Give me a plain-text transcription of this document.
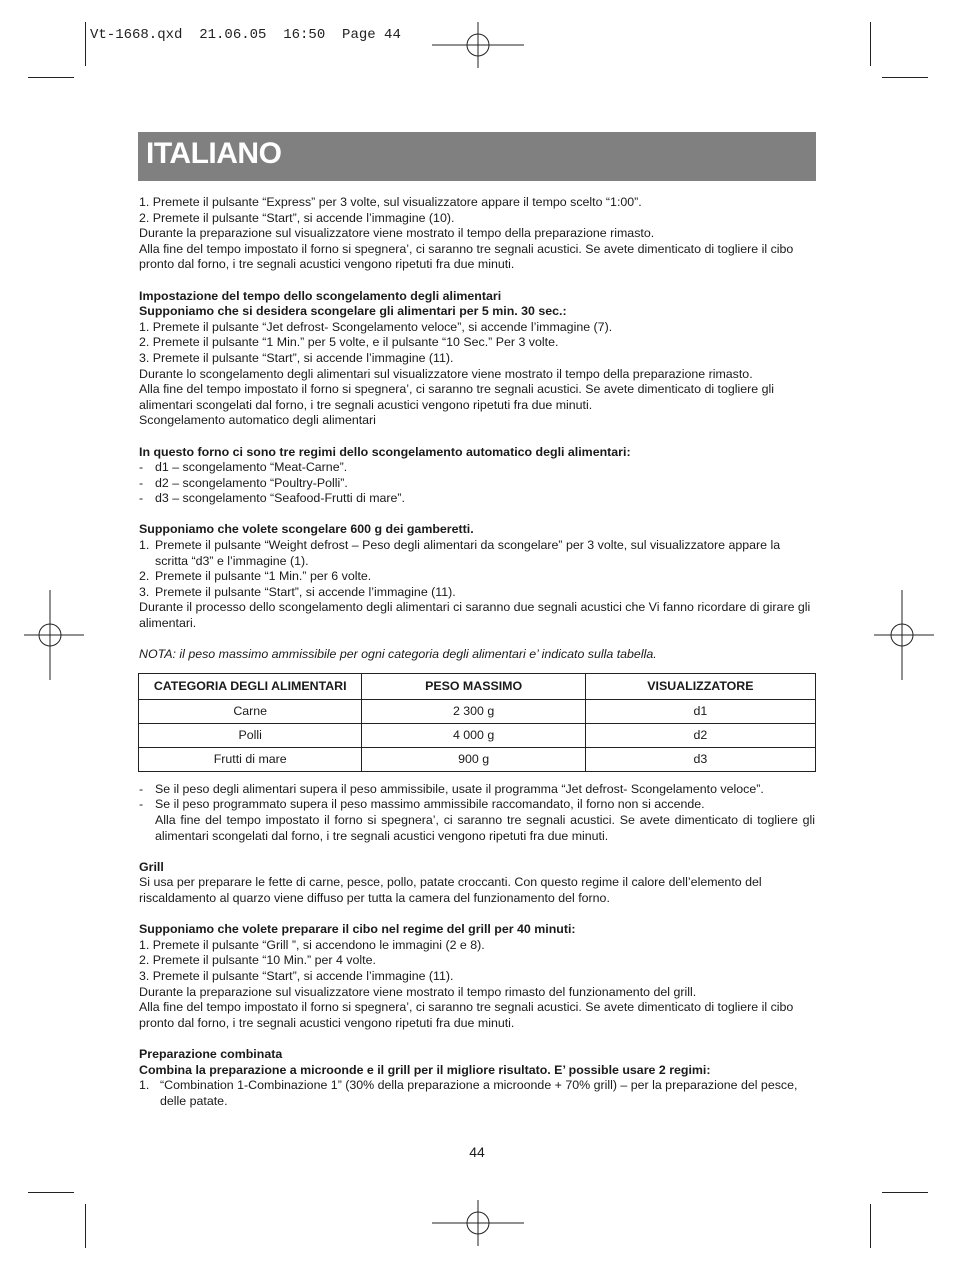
Vt-1668.qxd  21.06.05  16:50  Page 44
ITALIANO

1. Premete il pulsante “Express” per 3 volte, sul visualizzatore appare il tempo scelto “1:00”.

2. Premete il pulsante “Start”, si accende l’immagine (10).

Durante la preparazione sul visualizzatore viene mostrato il tempo della preparazione rimasto.

Alla fine del tempo impostato il forno si spegnera’, ci saranno tre segnali acustici. Se avete dimenticato di togliere il cibo pronto dal forno, i tre segnali acustici vengono ripetuti fra due minuti.

Impostazione del tempo dello scongelamento degli alimentari

Supponiamo che si desidera scongelare gli alimentari per 5 min. 30 sec.:

1. Premete il pulsante “Jet defrost- Scongelamento veloce”, si accende l’immagine (7).

2. Premete il pulsante “1 Min.” per 5 volte, e il pulsante “10 Sec.” Per 3 volte.

3. Premete il pulsante “Start”, si accende l’immagine (11).

Durante lo scongelamento degli alimentari sul visualizzatore viene mostrato il tempo della preparazione rimasto.

Alla fine del tempo impostato il forno si spegnera’, ci saranno tre segnali acustici. Se avete dimenticato di togliere gli alimentari scongelati dal forno, i tre segnali acustici vengono ripetuti fra due minuti.

Scongelamento automatico degli alimentari

In questo forno ci sono tre regimi dello scongelamento automatico degli alimentari:

- d1 – scongelamento “Meat-Carne”.
- d2 – scongelamento “Poultry-Polli”.
- d3 – scongelamento “Seafood-Frutti di mare”.

Supponiamo che volete scongelare 600 g dei gamberetti.

1. Premete il pulsante “Weight defrost – Peso degli alimentari da scongelare” per 3 volte, sul visualizzatore appare la scritta “d3” e l’immagine (1).
2. Premete il pulsante “1 Min.” per 6 volte.
3. Premete il pulsante “Start”, si accende l’immagine (11).

Durante il processo dello scongelamento degli alimentari ci saranno due segnali acustici che Vi fanno ricordare di girare gli alimentari.

NOTA: il peso massimo ammissibile per ogni categoria degli alimentari e’ indicato sulla tabella.

CATEGORIA DEGLI ALIMENTARI	PESO MASSIMO	VISUALIZZATORE
Carne	2 300 g	d1
Polli	4 000 g	d2
Frutti di mare	900 g	d3
- Se il peso degli alimentari supera il peso ammissibile, usate il programma “Jet defrost- Scongelamento veloce”.
- Se il peso programmato supera il peso massimo ammissibile raccomandato, il forno non si accende.

Alla fine del tempo impostato il forno si spegnera’, ci saranno tre segnali acustici. Se avete dimenticato di togliere gli alimentari scongelati dal forno, i tre segnali acustici vengono ripetuti fra due minuti.

Grill

Si usa per preparare le fette di carne, pesce, pollo, patate croccanti. Con questo regime il calore dell’elemento del riscaldamento al quarzo viene diffuso per tutta la camera del funzionamento del forno.

Supponiamo che volete preparare il cibo nel regime del grill per 40 minuti:

1. Premete il pulsante “Grill ”, si accendono le immagini (2 e 8).

2. Premete il pulsante “10 Min.” per 4 volte.

3. Premete il pulsante “Start”, si accende l’immagine (11).

Durante la preparazione sul visualizzatore viene mostrato il tempo rimasto del funzionamento del grill.

Alla fine del tempo impostato il forno si spegnera’, ci saranno tre segnali acustici. Se avete dimenticato di togliere il cibo pronto dal forno, i tre segnali acustici vengono ripetuti fra due minuti.

Preparazione combinata

Combina la preparazione a microonde e il grill per il migliore risultato. E’ possible usare 2 regimi:

1. “Combination 1-Combinazione 1” (30% della preparazione a microonde + 70% grill) – per la preparazione del pesce, delle patate.
44
